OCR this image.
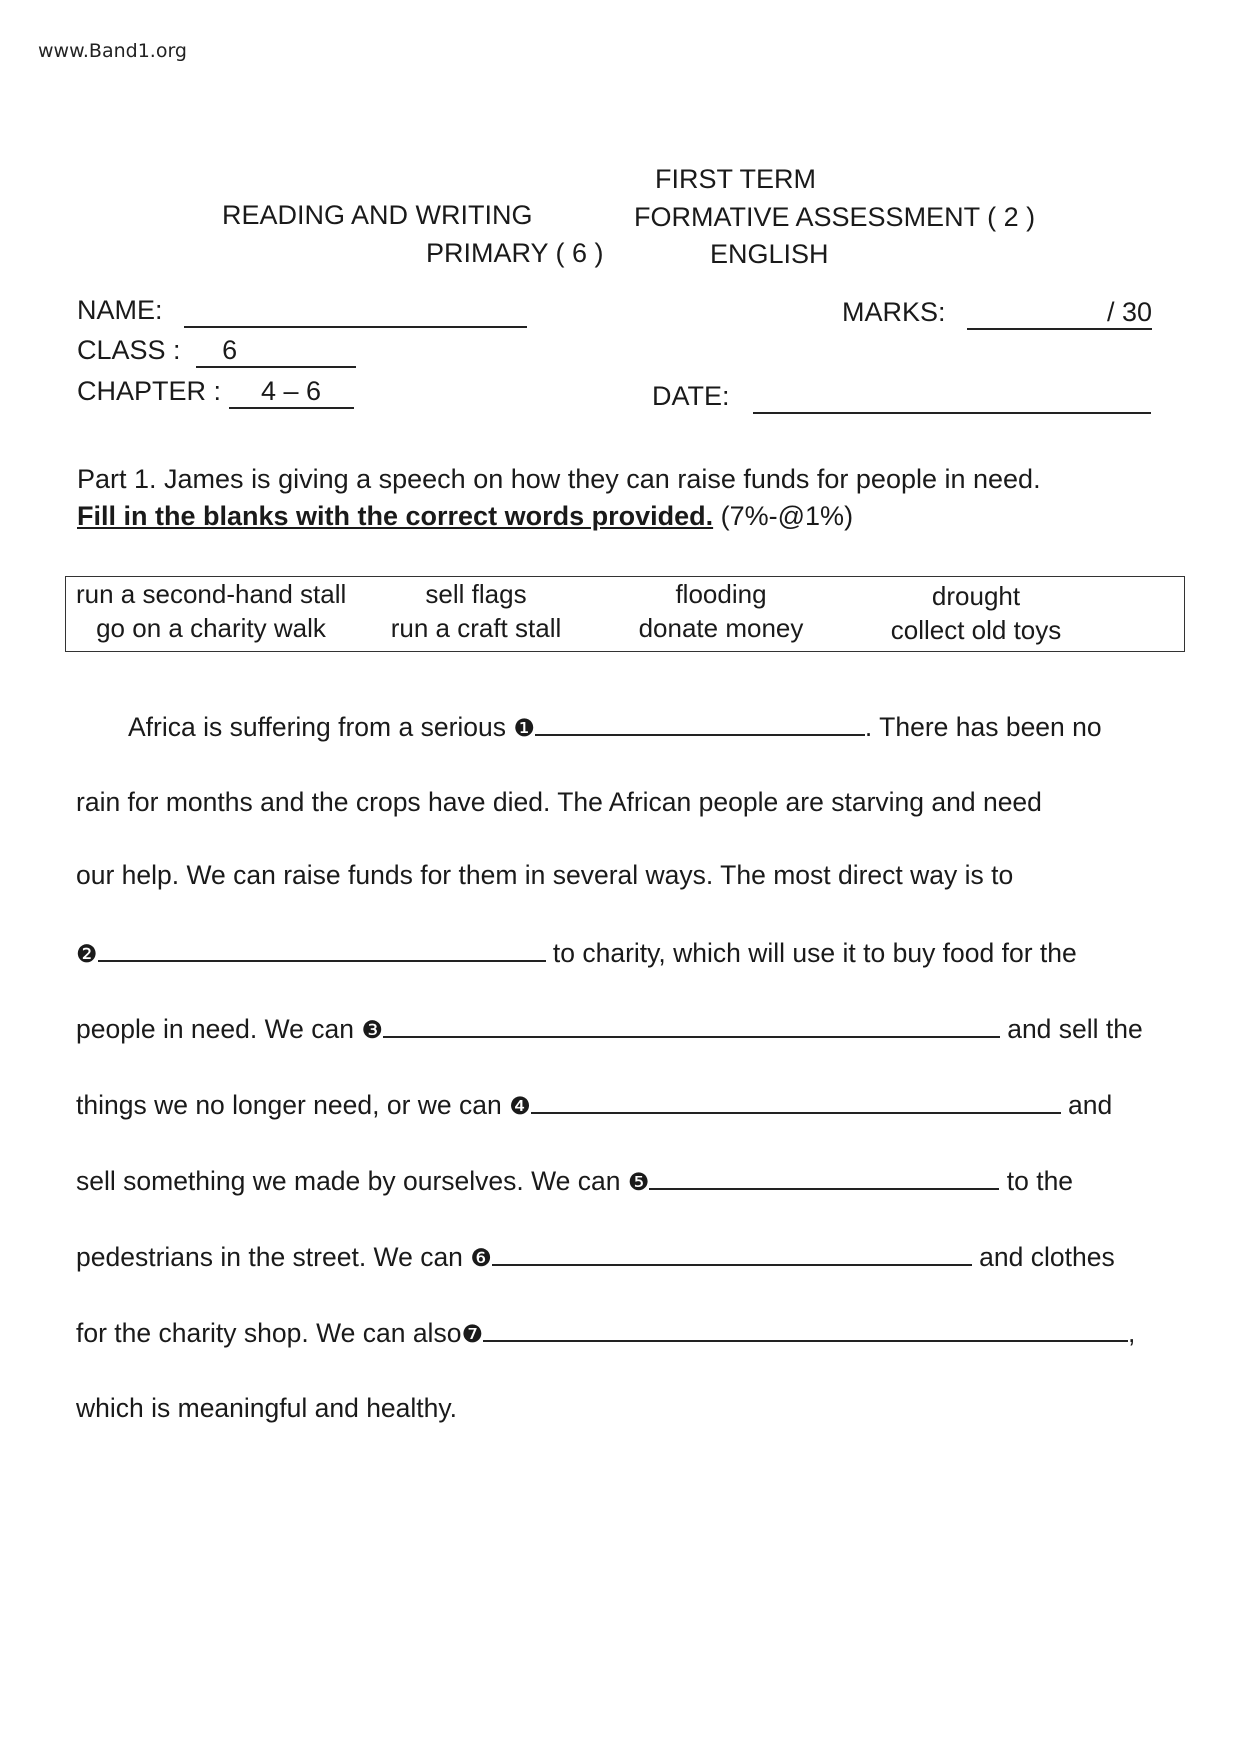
www.Band1.org
FIRST TERM
READING AND WRITING	FORMATIVE ASSESSMENT ( 2 )
PRIMARY ( 6 )	ENGLISH
NAME:	MARKS:	/ 30
CLASS : 6
CHAPTER : 4 – 6	DATE:
Part 1. James is giving a speech on how they can raise funds for people in need.
Fill in the blanks with the correct words provided. (7%-@1%)
run a second-hand stall	sell flags	flooding	drought
go on a charity walk	run a craft stall	donate money	collect old toys
Africa is suffering from a serious ❶	. There has been no
rain for months and the crops have died. The African people are starving and need
our help. We can raise funds for them in several ways. The most direct way is to
❷	to charity, which will use it to buy food for the
people in need. We can ❸	and sell the
things we no longer need, or we can ❹	and
sell something we made by ourselves. We can ❺	to the
pedestrians in the street. We can ❻	and clothes
for the charity shop. We can also❼	,
which is meaningful and healthy.
